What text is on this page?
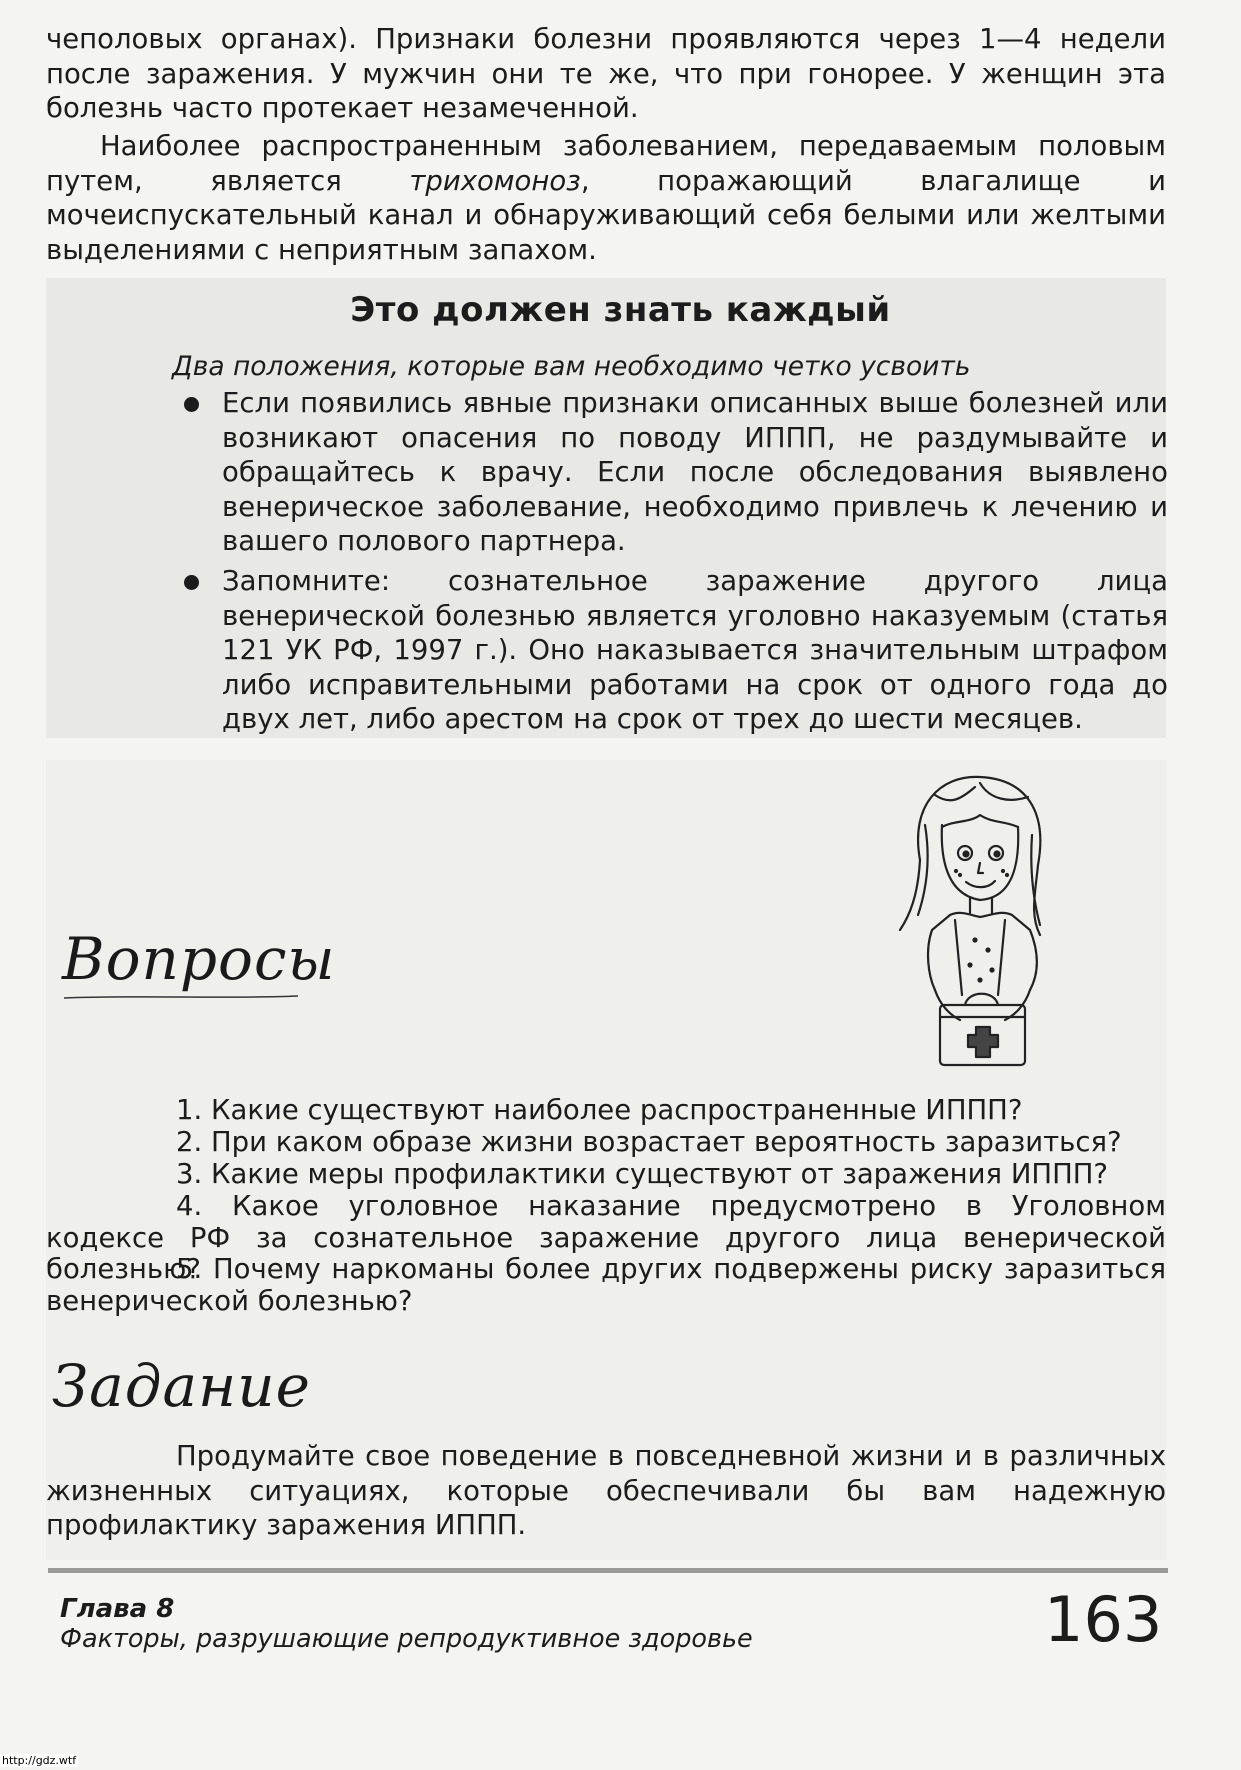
чеполовых органах). Признаки болезни проявляются через 1—4 недели после заражения. У мужчин они те же, что при гонорее. У женщин эта болезнь часто протекает незамеченной.

Наиболее распространенным заболеванием, передаваемым половым путем, является трихомоноз, поражающий влагалище и мочеиспускательный канал и обнаруживающий себя белыми или желтыми выделениями с неприятным запахом.

Это должен знать каждый
Два положения, которые вам необходимо четко усвоить

Если появились явные признаки описанных выше болезней или возникают опасения по поводу ИППП, не раздумывайте и обращайтесь к врачу. Если после обследования выявлено венерическое заболевание, необходимо привлечь к лечению и вашего полового партнера.

Запомните: сознательное заражение другого лица венерической болезнью является уголовно наказуемым (статья 121 УК РФ, 1997 г.). Оно наказывается значительным штрафом либо исправительными работами на срок от одного года до двух лет, либо арестом на срок от трех до шести месяцев.

Вопросы

1. Какие существуют наиболее распространенные ИППП?

2. При каком образе жизни возрастает вероятность заразиться?

3. Какие меры профилактики существуют от заражения ИППП?

4. Какое уголовное наказание предусмотрено в Уголовном кодексе РФ за сознательное заражение другого лица венерической болезнью?

5. Почему наркоманы более других подвержены риску заразиться венерической болезнью?

Задание

Продумайте свое поведение в повседневной жизни и в различных жизненных ситуациях, которые обеспечивали бы вам надежную профилактику заражения ИППП.

Глава 8
Факторы, разрушающие репродуктивное здоровье	163
http://gdz.wtf
